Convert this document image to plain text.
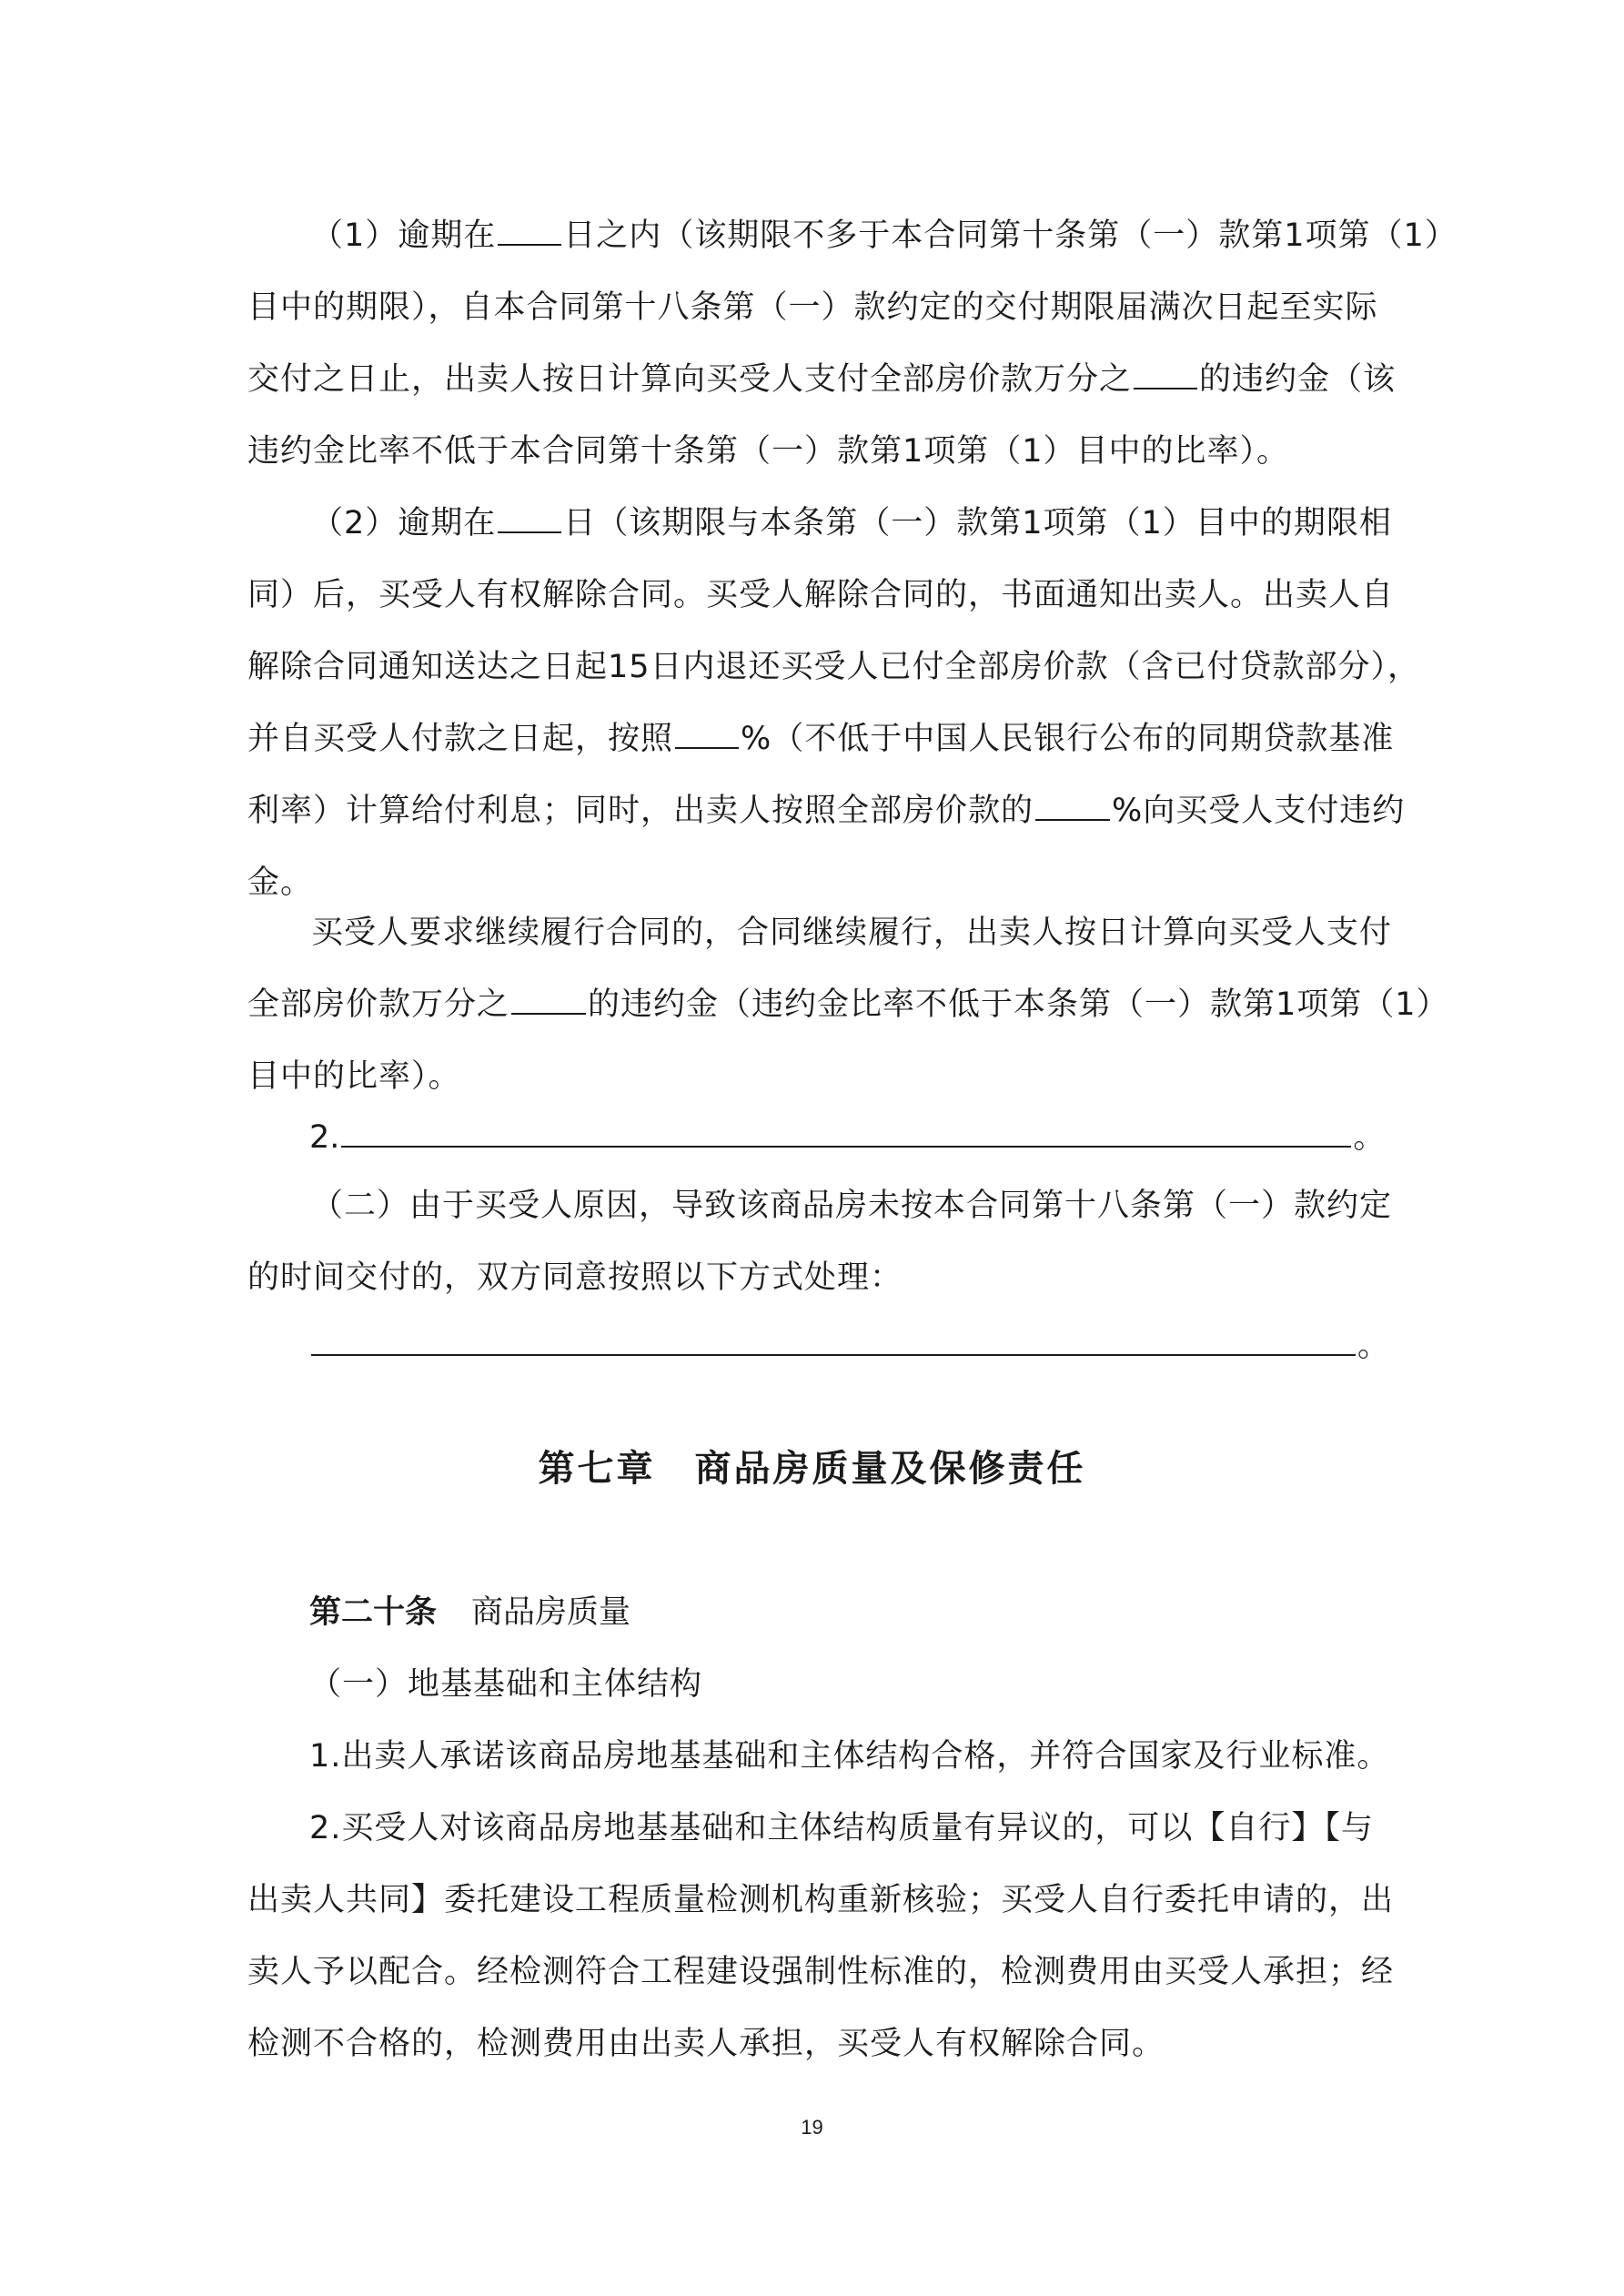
（1）逾期在 日之内（该期限不多于本合同第十条第（一）款第1项第（1）
目中的期限），自本合同第十八条第（一）款约定的交付期限届满次日起至实际
交付之日止，出卖人按日计算向买受人支付全部房价款万分之 的违约金（该
违约金比率不低于本合同第十条第（一）款第1项第（1）目中的比率）。
（2）逾期在 日（该期限与本条第（一）款第1项第（1）目中的期限相
同）后，买受人有权解除合同。买受人解除合同的，书面通知出卖人。出卖人自
解除合同通知送达之日起15日内退还买受人已付全部房价款（含已付贷款部分），
并自买受人付款之日起，按照 %（不低于中国人民银行公布的同期贷款基准
利率）计算给付利息；同时，出卖人按照全部房价款的 %向买受人支付违约
金。
买受人要求继续履行合同的，合同继续履行，出卖人按日计算向买受人支付
全部房价款万分之 的违约金（违约金比率不低于本条第（一）款第1项第（1）
目中的比率）。
2.	。
（二）由于买受人原因，导致该商品房未按本合同第十八条第（一）款约定
的时间交付的，双方同意按照以下方式处理：
。
第七章　商品房质量及保修责任
第二十条 商品房质量
（一）地基基础和主体结构
1.出卖人承诺该商品房地基基础和主体结构合格，并符合国家及行业标准。
2.买受人对该商品房地基基础和主体结构质量有异议的，可以【自行】【与
出卖人共同】委托建设工程质量检测机构重新核验；买受人自行委托申请的，出
卖人予以配合。经检测符合工程建设强制性标准的，检测费用由买受人承担；经
检测不合格的，检测费用由出卖人承担，买受人有权解除合同。
19
